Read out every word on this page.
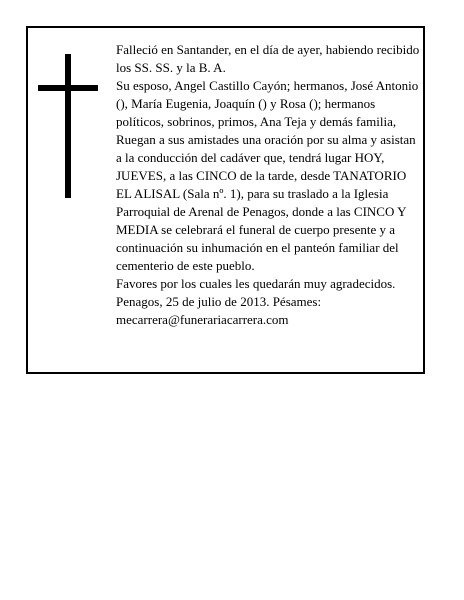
Falleció en Santander, en el día de ayer, habiendo recibido los SS. SS. y la B. A.

Su esposo, Angel Castillo Cayón; hermanos, José Antonio (), María Eugenia, Joaquín () y Rosa (); hermanos políticos, sobrinos, primos, Ana Teja y demás familia,

Ruegan a sus amistades una oración por su alma y asistan a la conducción del cadáver que, tendrá lugar HOY, JUEVES, a las CINCO de la tarde, desde TANATORIO EL ALISAL (Sala nº. 1), para su traslado a la Iglesia Parroquial de Arenal de Penagos, donde a las CINCO Y MEDIA se celebrará el funeral de cuerpo presente y a continuación su inhumación en el panteón familiar del cementerio de este pueblo.

Favores por los cuales les quedarán muy agradecidos.

Penagos, 25 de julio de 2013. Pésames: mecarrera@funerariacarrera.com
